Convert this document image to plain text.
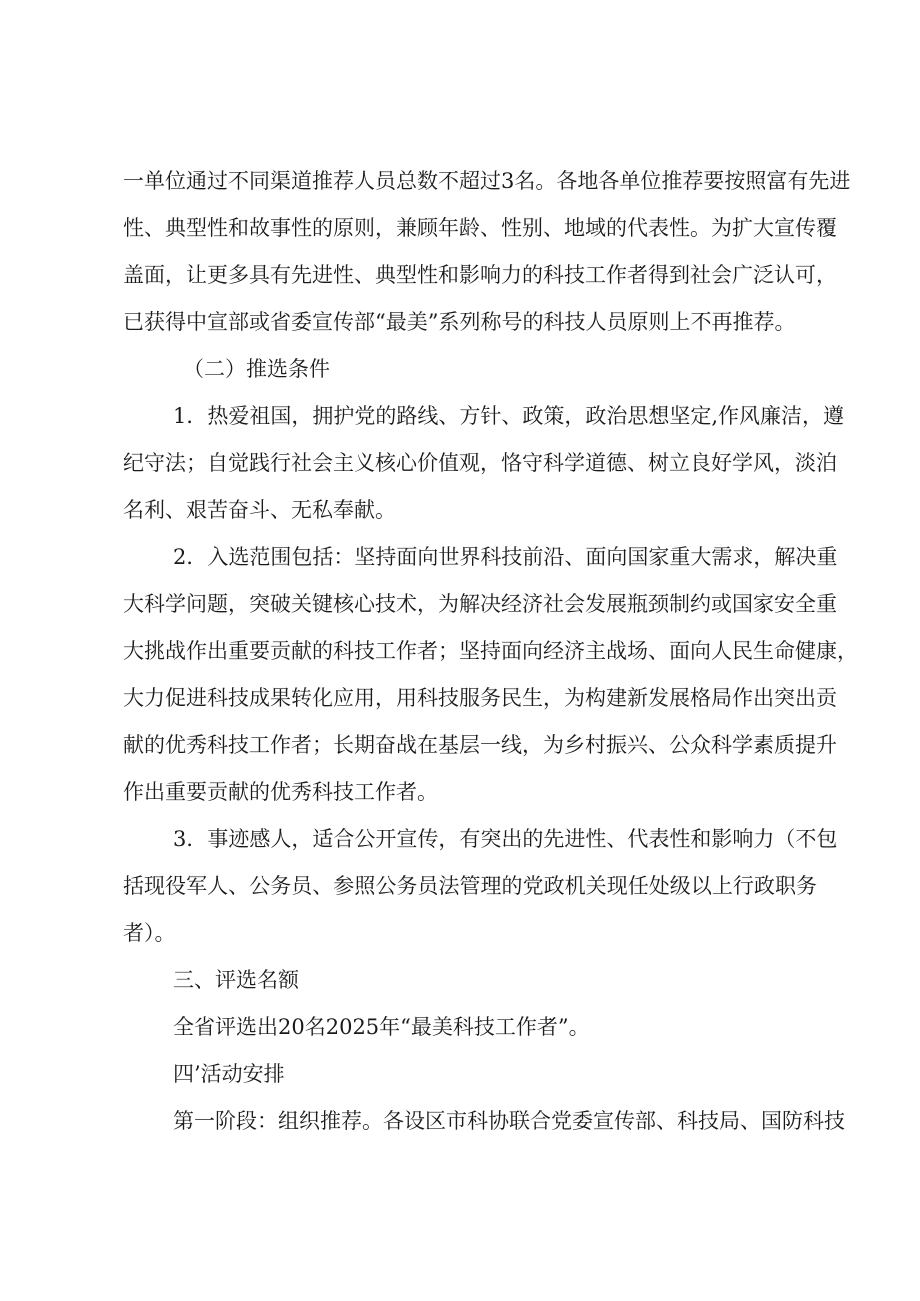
一单位通过不同渠道推荐人员总数不超过3名。各地各单位推荐要按照富有先进
性、典型性和故事性的原则，兼顾年龄、性别、地域的代表性。为扩大宣传覆
盖面，让更多具有先进性、典型性和影响力的科技工作者得到社会广泛认可，
已获得中宣部或省委宣传部“最美”系列称号的科技人员原则上不再推荐。
（二）推选条件
1．热爱祖国，拥护党的路线、方针、政策，政治思想坚定,作风廉洁，遵
纪守法；自觉践行社会主义核心价值观，恪守科学道德、树立良好学风，淡泊
名利、艰苦奋斗、无私奉献。
2．入选范围包括：坚持面向世界科技前沿、面向国家重大需求，解决重
大科学问题，突破关键核心技术，为解决经济社会发展瓶颈制约或国家安全重
大挑战作出重要贡献的科技工作者；坚持面向经济主战场、面向人民生命健康，
大力促进科技成果转化应用，用科技服务民生，为构建新发展格局作出突出贡
献的优秀科技工作者；长期奋战在基层一线，为乡村振兴、公众科学素质提升
作出重要贡献的优秀科技工作者。
3．事迹感人，适合公开宣传，有突出的先进性、代表性和影响力（不包
括现役军人、公务员、参照公务员法管理的党政机关现任处级以上行政职务
者）。
三、评选名额
全省评选出20名2025年“最美科技工作者”。
四’活动安排
第一阶段：组织推荐。各设区市科协联合党委宣传部、科技局、国防科技
